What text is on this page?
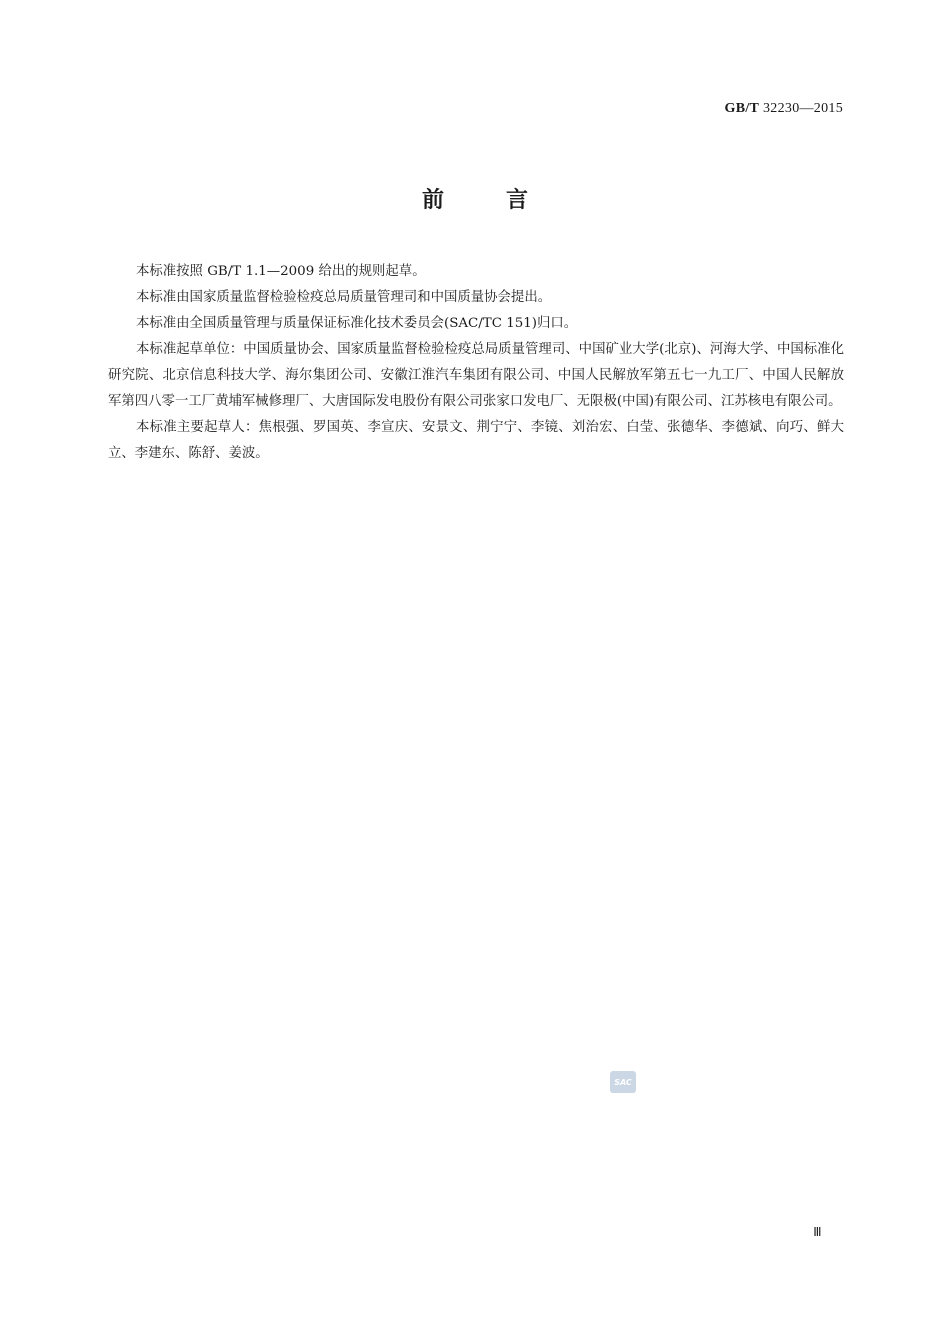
GB/T 32230—2015
前言

本标准按照 GB/T 1.1—2009 给出的规则起草。

本标准由国家质量监督检验检疫总局质量管理司和中国质量协会提出。

本标准由全国质量管理与质量保证标准化技术委员会(SAC/TC 151)归口。

本标准起草单位：中国质量协会、国家质量监督检验检疫总局质量管理司、中国矿业大学(北京)、河海大学、中国标准化研究院、北京信息科技大学、海尔集团公司、安徽江淮汽车集团有限公司、中国人民解放军第五七一九工厂、中国人民解放军第四八零一工厂黄埔军械修理厂、大唐国际发电股份有限公司张家口发电厂、无限极(中国)有限公司、江苏核电有限公司。

本标准主要起草人：焦根强、罗国英、李宣庆、安景文、荆宁宁、李镜、刘治宏、白莹、张德华、李德斌、向巧、鲜大立、李建东、陈舒、姜波。

SAC
Ⅲ
